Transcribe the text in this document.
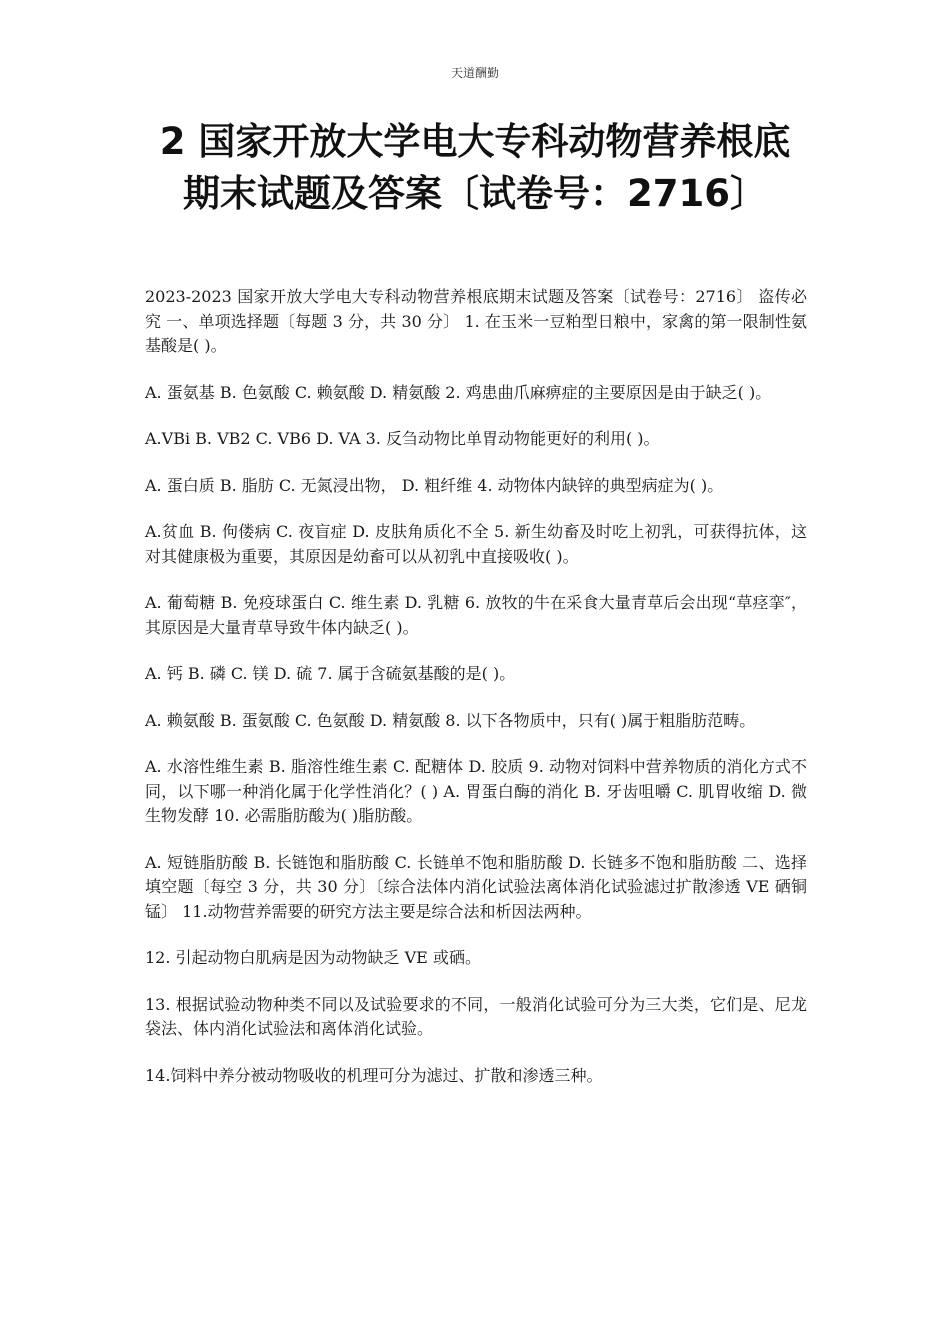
天道酬勤
2 国家开放大学电大专科动物营养根底
期末试题及答案〔试卷号：2716〕

2023-2023 国家开放大学电大专科动物营养根底期末试题及答案〔试卷号：2716〕 盗传必究 一、单项选择题〔每题 3 分，共 30 分〕 1. 在玉米一豆粕型日粮中，家禽的第一限制性氨基酸是( )。

A. 蛋氨基 B. 色氨酸 C. 赖氨酸 D. 精氨酸 2. 鸡患曲爪麻痹症的主要原因是由于缺乏( )。

A.VBi B. VB2 C. VB6 D. VA 3. 反刍动物比单胃动物能更好的利用( )。

A. 蛋白质 B. 脂肪 C. 无氮浸出物， D. 粗纤维 4. 动物体内缺锌的典型病症为( )。

A.贫血 B. 佝偻病 C. 夜盲症 D. 皮肤角质化不全 5. 新生幼畜及时吃上初乳，可获得抗体，这对其健康极为重要，其原因是幼畜可以从初乳中直接吸收( )。

A. 葡萄糖 B. 免疫球蛋白 C. 维生素 D. 乳糖 6. 放牧的牛在采食大量青草后会出现“草痉挛″，其原因是大量青草导致牛体内缺乏( )。

A. 钙 B. 磷 C. 镁 D. 硫 7. 属于含硫氨基酸的是( )。

A. 赖氨酸 B. 蛋氨酸 C. 色氨酸 D. 精氨酸 8. 以下各物质中，只有( )属于粗脂肪范畴。

A. 水溶性维生素 B. 脂溶性维生素 C. 配糖体 D. 胶质 9. 动物对饲料中营养物质的消化方式不同，以下哪一种消化属于化学性消化？( ) A. 胃蛋白酶的消化 B. 牙齿咀嚼 C. 肌胃收缩 D. 微生物发酵 10. 必需脂肪酸为( )脂肪酸。

A. 短链脂肪酸 B. 长链饱和脂肪酸 C. 长链单不饱和脂肪酸 D. 长链多不饱和脂肪酸 二、选择填空题〔每空 3 分，共 30 分〕〔综合法体内消化试验法离体消化试验滤过扩散渗透 VE 硒铜锰〕 11.动物营养需要的研究方法主要是综合法和析因法两种。

12. 引起动物白肌病是因为动物缺乏 VE 或硒。

13. 根据试验动物种类不同以及试验要求的不同，一般消化试验可分为三大类，它们是、尼龙袋法、体内消化试验法和离体消化试验。

14.饲料中养分被动物吸收的机理可分为滤过、扩散和渗透三种。
